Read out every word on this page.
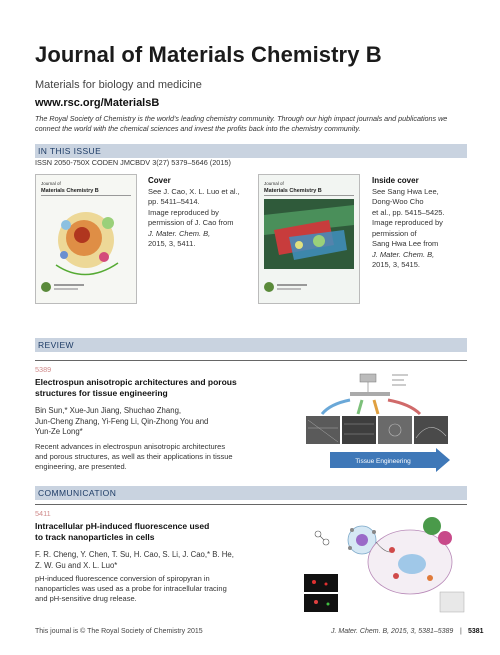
Journal of Materials Chemistry B
Materials for biology and medicine
www.rsc.org/MaterialsB
The Royal Society of Chemistry is the world's leading chemistry community. Through our high impact journals and publications we connect the world with the chemical sciences and invest the profits back into the chemistry community.
IN THIS ISSUE
ISSN 2050-750X CODEN JMCBDV 3(27) 5379–5646 (2015)
Journal of
Materials Chemistry B
Cover
See J. Cao, X. L. Luo et al.,
pp. 5411–5414.
Image reproduced by
permission of J. Cao from
J. Mater. Chem. B,
2015, 3, 5411.
Journal of
Materials Chemistry B
Inside cover
See Sang Hwa Lee,
Dong-Woo Cho
et al., pp. 5415–5425.
Image reproduced by
permission of
Sang Hwa Lee from
J. Mater. Chem. B,
2015, 3, 5415.
REVIEW
5389
Electrospun anisotropic architectures and porous
structures for tissue engineering
Bin Sun,* Xue-Jun Jiang, Shuchao Zhang,
Jun-Cheng Zhang, Yi-Feng Li, Qin-Zhong You and
Yun-Ze Long*
Recent advances in electrospun anisotropic architectures
and porous structures, as well as their applications in tissue
engineering, are presented.
Tissue Engineering
COMMUNICATION
5411
Intracellular pH-induced fluorescence used
to track nanoparticles in cells
F. R. Cheng, Y. Chen, T. Su, H. Cao, S. Li, J. Cao,* B. He,
Z. W. Gu and X. L. Luo*
pH-induced fluorescence conversion of spiropyran in
nanoparticles was used as a probe for intracellular tracing
and pH-sensitive drug release.
This journal is © The Royal Society of Chemistry 2015	J. Mater. Chem. B, 2015, 3, 5381–5389 | 5381
